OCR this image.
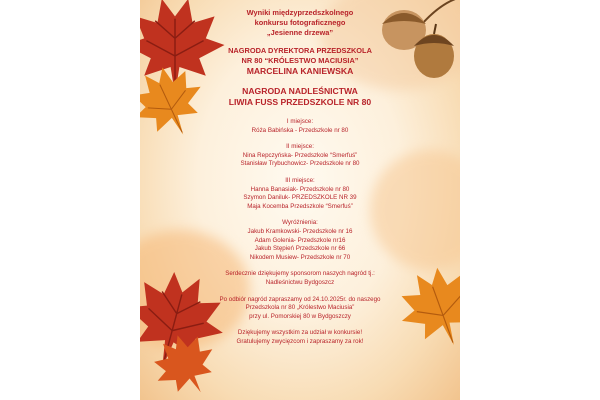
Wyniki międzyprzedszkolnego
konkursu fotograficznego
„Jesienne drzewa”
NAGRODA DYREKTORA PRZEDSZKOLA
NR 80 “KRÓLESTWO MACIUSIA”
MARCELINA KANIEWSKA
NAGRODA NADLEŚNICTWA
LIWIA FUSS PRZEDSZKOLE NR 80
I miejsce:
Róża Babińska - Przedszkole nr 80
II miejsce:
Nina Repczyńska- Przedszkole “Smerfuś”
Stanisław Trybuchowicz- Przedszkole nr 80
III miejsce:
Hanna Banasiak- Przedszkole nr 80
Szymon Daniluk- PRZEDSZKOLE NR 39
Maja Kocemba Przedszkole “Smerfuś”
Wyróżnienia:
Jakub Kramkowski- Przedszkole nr 16
Adam Golenia- Przedszkole nr16
Jakub Stępień Przedszkole nr 66
Nikodem Musiew- Przedszkole nr 70
Serdecznie dziękujemy sponsorom naszych nagród tj.:
Nadleśnictwu Bydgoszcz
Po odbiór nagród zapraszamy od 24.10.2025r. do naszego
Przedszkola nr 80 „Królestwo Maciusia”
przy ul. Pomorskiej 80 w Bydgoszczy
Dziękujemy wszystkim za udział w konkursie!
Gratulujemy zwycięzcom i zapraszamy za rok!
